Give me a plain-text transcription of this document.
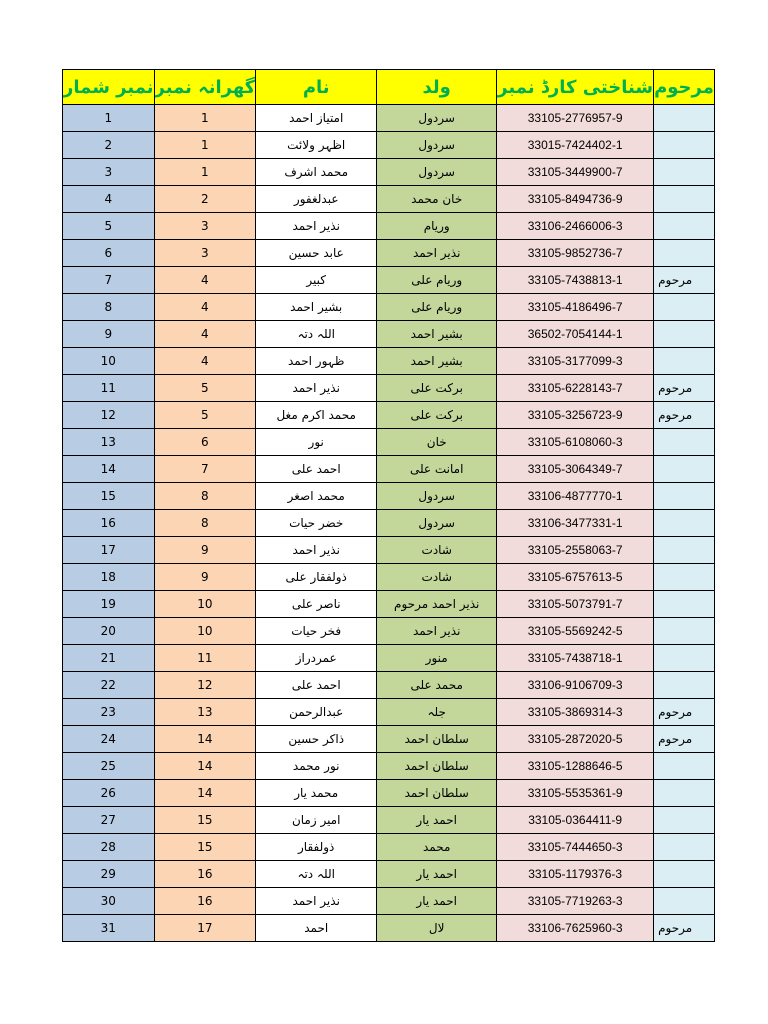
نمبر شمار	گھرانہ نمبر	نام	ولد	شناختی کارڈ نمبر	مرحوم
1	1	امتیاز احمد	سردول	33105-2776957-9	
2	1	اظہر ولائت	سردول	33015-7424402-1	
3	1	محمد اشرف	سردول	33105-3449900-7	
4	2	عبدلغفور	خان محمد	33105-8494736-9	
5	3	نذیر احمد	وریام	33106-2466006-3	
6	3	عابد حسین	نذیر احمد	33105-9852736-7	
7	4	کبیر	وریام علی	33105-7438813-1	مرحوم
8	4	بشیر احمد	وریام علی	33105-4186496-7	
9	4	اللہ دتہ	بشیر احمد	36502-7054144-1	
10	4	ظہور احمد	بشیر احمد	33105-3177099-3	
11	5	نذیر احمد	برکت علی	33105-6228143-7	مرحوم
12	5	محمد اکرم مغل	برکت علی	33105-3256723-9	مرحوم
13	6	نور	خان	33105-6108060-3	
14	7	احمد علی	امانت علی	33105-3064349-7	
15	8	محمد اصغر	سردول	33106-4877770-1	
16	8	خضر حیات	سردول	33106-3477331-1	
17	9	نذیر احمد	شادت	33105-2558063-7	
18	9	ذولفقار علی	شادت	33105-6757613-5	
19	10	ناصر علی	نذیر احمد مرحوم	33105-5073791-7	
20	10	فخر حیات	نذیر احمد	33105-5569242-5	
21	11	عمردراز	منور	33105-7438718-1	
22	12	احمد علی	محمد علی	33106-9106709-3	
23	13	عبدالرحمن	جلہ	33105-3869314-3	مرحوم
24	14	ذاکر حسین	سلطان احمد	33105-2872020-5	مرحوم
25	14	نور محمد	سلطان احمد	33105-1288646-5	
26	14	محمد یار	سلطان احمد	33105-5535361-9	
27	15	امیر زمان	احمد یار	33105-0364411-9	
28	15	ذولفقار	محمد	33105-7444650-3	
29	16	اللہ دتہ	احمد یار	33105-1179376-3	
30	16	نذیر احمد	احمد یار	33105-7719263-3	
31	17	احمد	لال	33106-7625960-3	مرحوم
